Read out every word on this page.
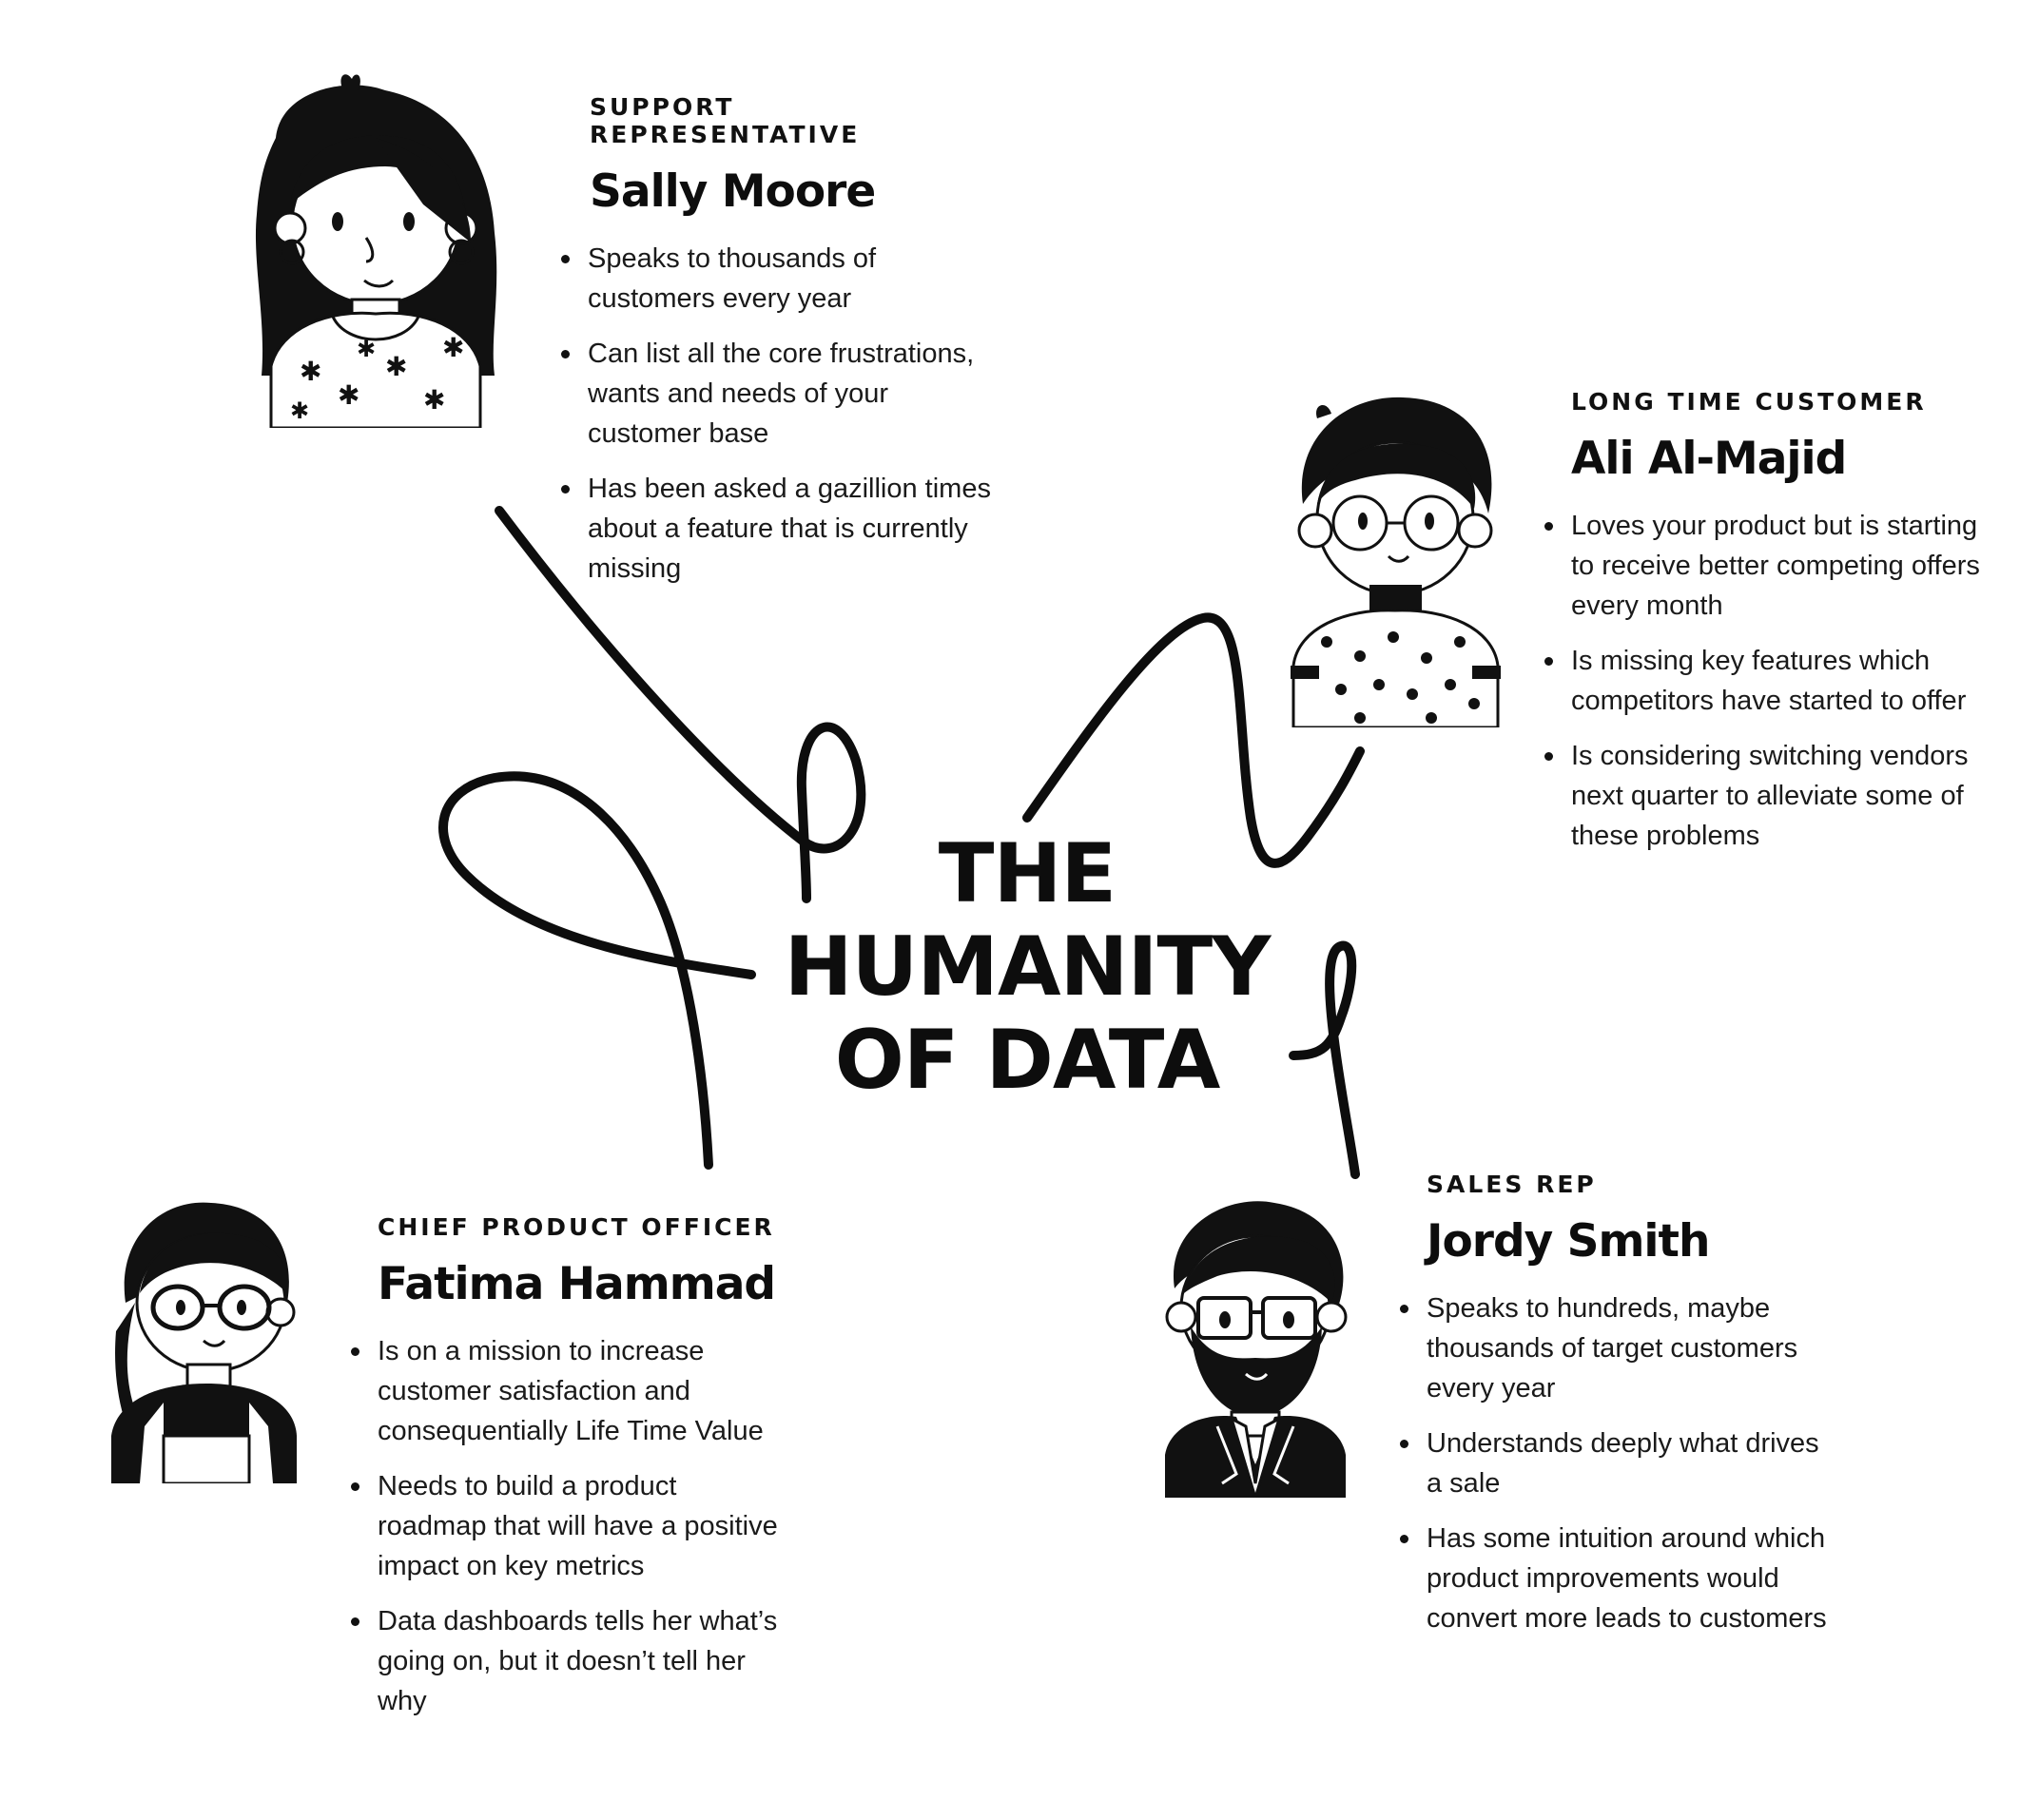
THE
HUMANITY
OF DATA
✱
✱
✱
✱
✱
✱
✱
SUPPORT REPRESENTATIVE
Sally Moore
Speaks to thousands of customers every year
Can list all the core frustrations, wants and needs of your customer base
Has been asked a gazillion times about a feature that is currently missing
LONG TIME CUSTOMER
Ali Al-Majid
Loves your product but is starting to receive better competing offers every month
Is missing key features which competitors have started to offer
Is considering switching vendors next quarter to alleviate some of these problems
CHIEF PRODUCT OFFICER
Fatima Hammad
Is on a mission to increase customer satisfaction and consequentially Life Time Value
Needs to build a product roadmap that will have a positive impact on key metrics
Data dashboards tells her what’s going on, but it doesn’t tell her why
SALES REP
Jordy Smith
Speaks to hundreds, maybe thousands of target customers every year
Understands deeply what drives a sale
Has some intuition around which product improvements would convert more leads to customers
